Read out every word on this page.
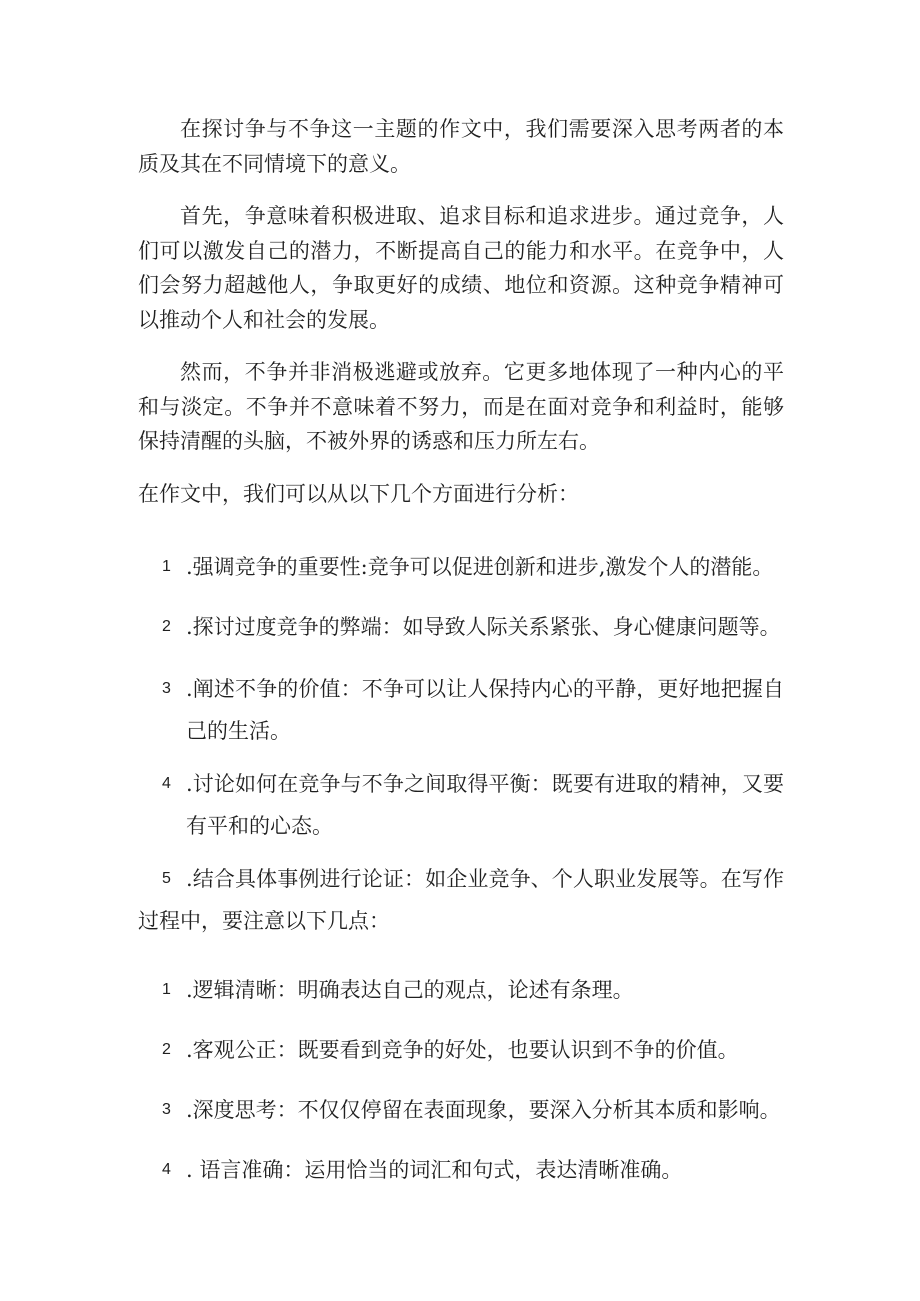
在探讨争与不争这一主题的作文中，我们需要深入思考两者的本质及其在不同情境下的意义。

首先，争意味着积极进取、追求目标和追求进步。通过竞争，人们可以激发自己的潜力，不断提高自己的能力和水平。在竞争中，人们会努力超越他人，争取更好的成绩、地位和资源。这种竞争精神可以推动个人和社会的发展。

然而，不争并非消极逃避或放弃。它更多地体现了一种内心的平和与淡定。不争并不意味着不努力，而是在面对竞争和利益时，能够保持清醒的头脑，不被外界的诱惑和压力所左右。

在作文中，我们可以从以下几个方面进行分析：

1 .强调竞争的重要性:竞争可以促进创新和进步,激发个人的潜能。
2 .探讨过度竞争的弊端：如导致人际关系紧张、身心健康问题等。
3 .阐述不争的价值：不争可以让人保持内心的平静，更好地把握自己的生活。
4 .讨论如何在竞争与不争之间取得平衡：既要有进取的精神，又要有平和的心态。
5 .结合具体事例进行论证：如企业竞争、个人职业发展等。在写作过程中，要注意以下几点：
1 .逻辑清晰：明确表达自己的观点，论述有条理。
2 .客观公正：既要看到竞争的好处，也要认识到不争的价值。
3 .深度思考：不仅仅停留在表面现象，要深入分析其本质和影响。
4 . 语言准确：运用恰当的词汇和句式，表达清晰准确。
